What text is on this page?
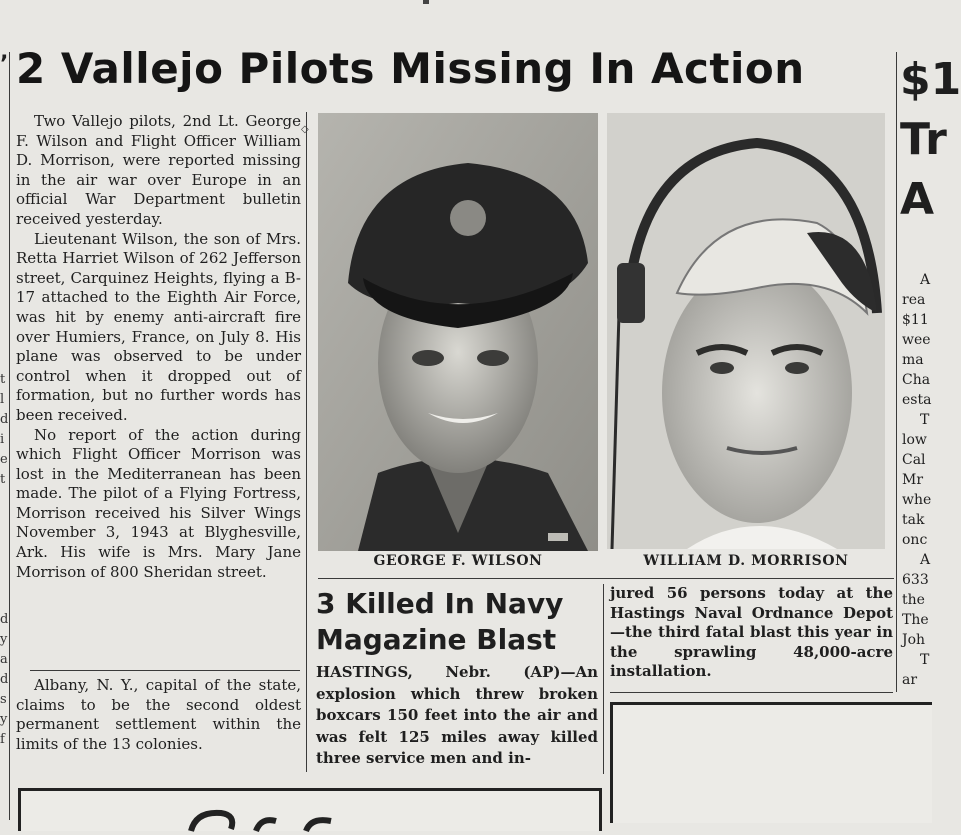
ʼ
t
l
d
i
e
t
d
y
a
d
s
y
f
2 Vallejo Pilots Missing In Action

Two Vallejo pilots, 2nd Lt. George F. Wilson and Flight Officer William D. Morrison, were reported missing in the air war over Europe in an official War Department bulletin received yesterday.

Lieutenant Wilson, the son of Mrs. Retta Harriet Wilson of 262 Jefferson street, Carquinez Heights, flying a B-17 attached to the Eighth Air Force, was hit by enemy anti-aircraft fire over Humiers, France, on July 8. His plane was observed to be under control when it dropped out of formation, but no further words has been received.

No report of the action during which Flight Officer Morrison was lost in the Mediterranean has been made. The pilot of a Flying Fortress, Morrison received his Silver Wings November 3, 1943 at Blyghesville, Ark. His wife is Mrs. Mary Jane Morrison of 800 Sheridan street.

◇

Albany, N. Y., capital of the state, claims to be the second oldest permanent settlement within the limits of the 13 colonies.

GEORGE F. WILSON	WILLIAM D. MORRISON
3 Killed In Navy
Magazine Blast
HASTINGS, Nebr. (AP)—An explosion which threw broken boxcars 150 feet into the air and was felt 125 miles away killed three service men and in-
jured 56 persons today at the Hastings Naval Ordnance Depot—the third fatal blast this year in the sprawling 48,000-acre installation.
$1
Tr
A
A
rea
$11
wee
ma
Cha
esta
T
low
Cal
Mr
whe
tak
onc
A
633
the
The
Joh
T
ar
